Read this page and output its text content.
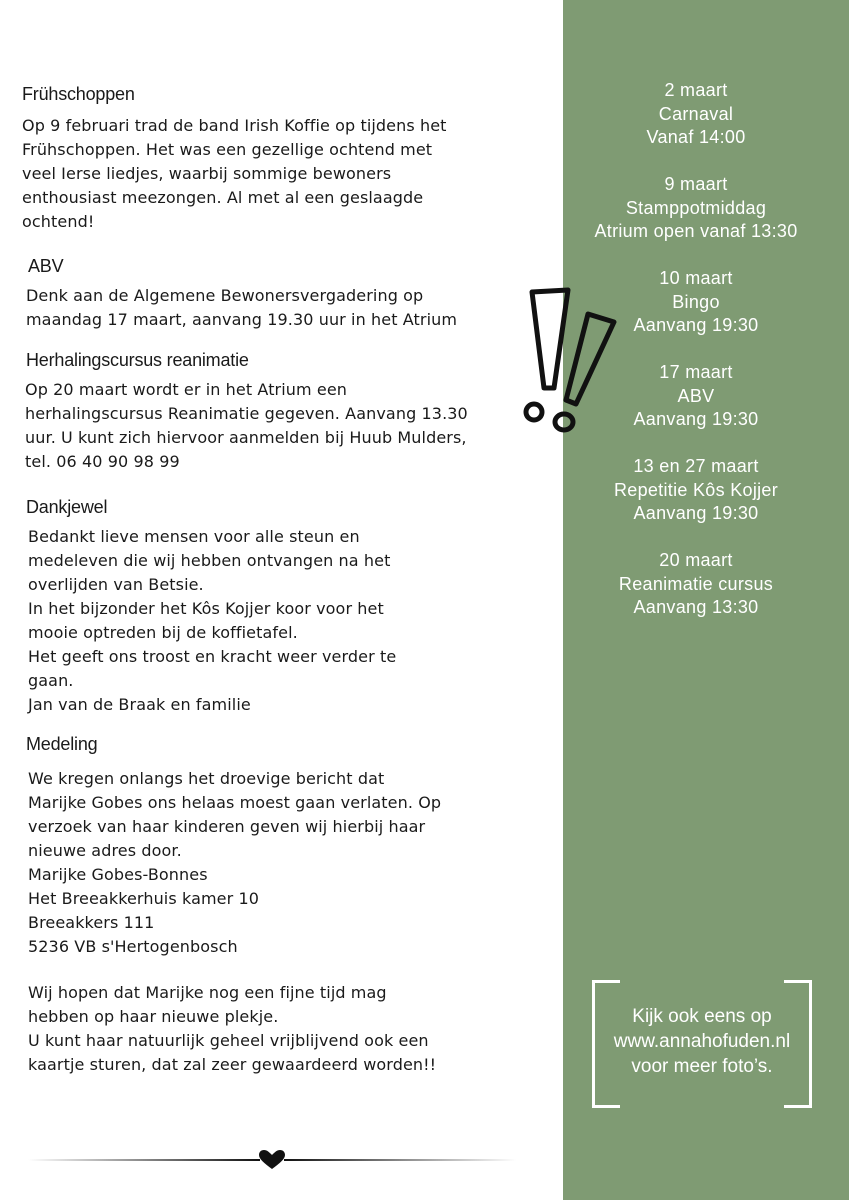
Frühschoppen
Op 9 februari trad de band Irish Koffie op tijdens het
Frühschoppen. Het was een gezellige ochtend met
veel Ierse liedjes, waarbij sommige bewoners
enthousiast meezongen. Al met al een geslaagde
ochtend!
ABV
Denk aan de Algemene Bewonersvergadering op
maandag 17 maart, aanvang 19.30 uur in het Atrium
Herhalingscursus reanimatie
Op 20 maart wordt er in het Atrium een
herhalingscursus Reanimatie gegeven. Aanvang 13.30
uur. U kunt zich hiervoor aanmelden bij Huub Mulders,
tel. 06 40 90 98 99
Dankjewel
Bedankt lieve mensen voor alle steun en
medeleven die wij hebben ontvangen na het
overlijden van Betsie.
In het bijzonder het Kôs Kojjer koor voor het
mooie optreden bij de koffietafel.
Het geeft ons troost en kracht weer verder te
gaan.
Jan van de Braak en familie
Medeling
We kregen onlangs het droevige bericht dat
Marijke Gobes ons helaas moest gaan verlaten. Op
verzoek van haar kinderen geven wij hierbij haar
nieuwe adres door.
Marijke Gobes-Bonnes
Het Breeakkerhuis kamer 10
Breeakkers 111
5236 VB s'Hertogenbosch
Wij hopen dat Marijke nog een fijne tijd mag
hebben op haar nieuwe plekje.
U kunt haar natuurlijk geheel vrijblijvend ook een
kaartje sturen, dat zal zeer gewaardeerd worden!!
2 maart
Carnaval
Vanaf 14:00
9 maart
Stamppotmiddag
Atrium open vanaf 13:30
10 maart
Bingo
Aanvang 19:30
17 maart
ABV
Aanvang 19:30
13 en 27 maart
Repetitie Kôs Kojjer
Aanvang 19:30
20 maart
Reanimatie cursus
Aanvang 13:30
Kijk ook eens op
www.annahofuden.nl
voor meer foto’s.
